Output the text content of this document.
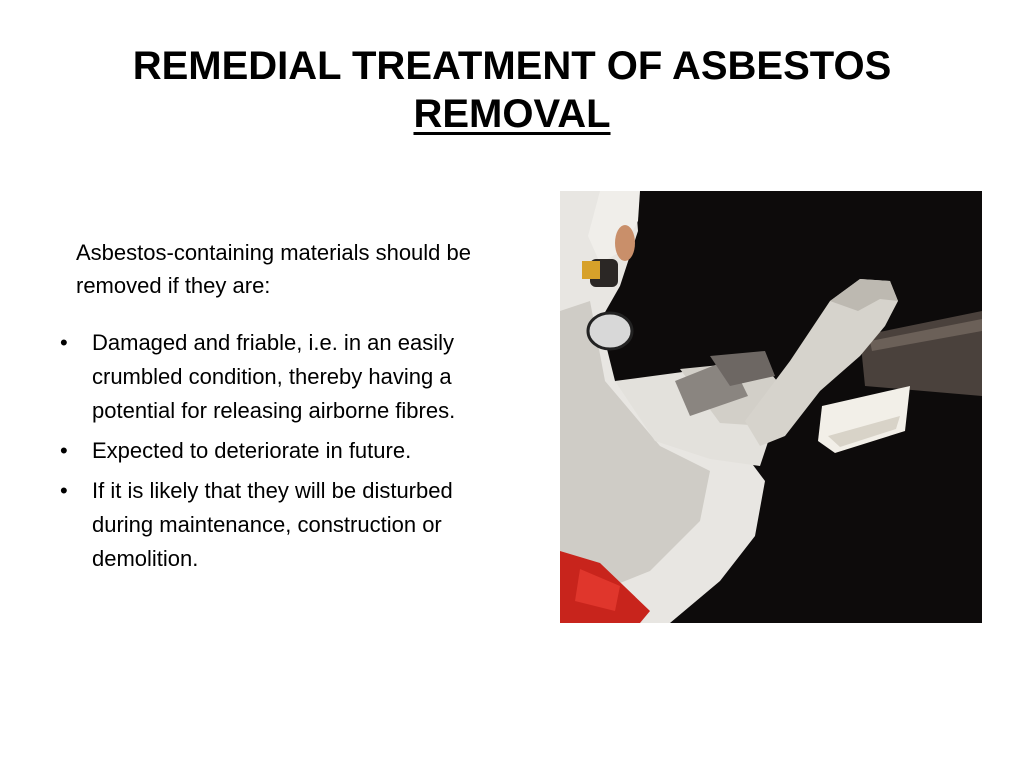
REMEDIAL TREATMENT OF ASBESTOS
REMOVAL
Asbestos-containing materials should be removed if they are:
• Damaged and friable, i.e. in an easily crumbled condition, thereby having a potential for releasing airborne fibres.
• Expected to deteriorate in future.
• If it is likely that they will be disturbed during maintenance, construction or demolition.
